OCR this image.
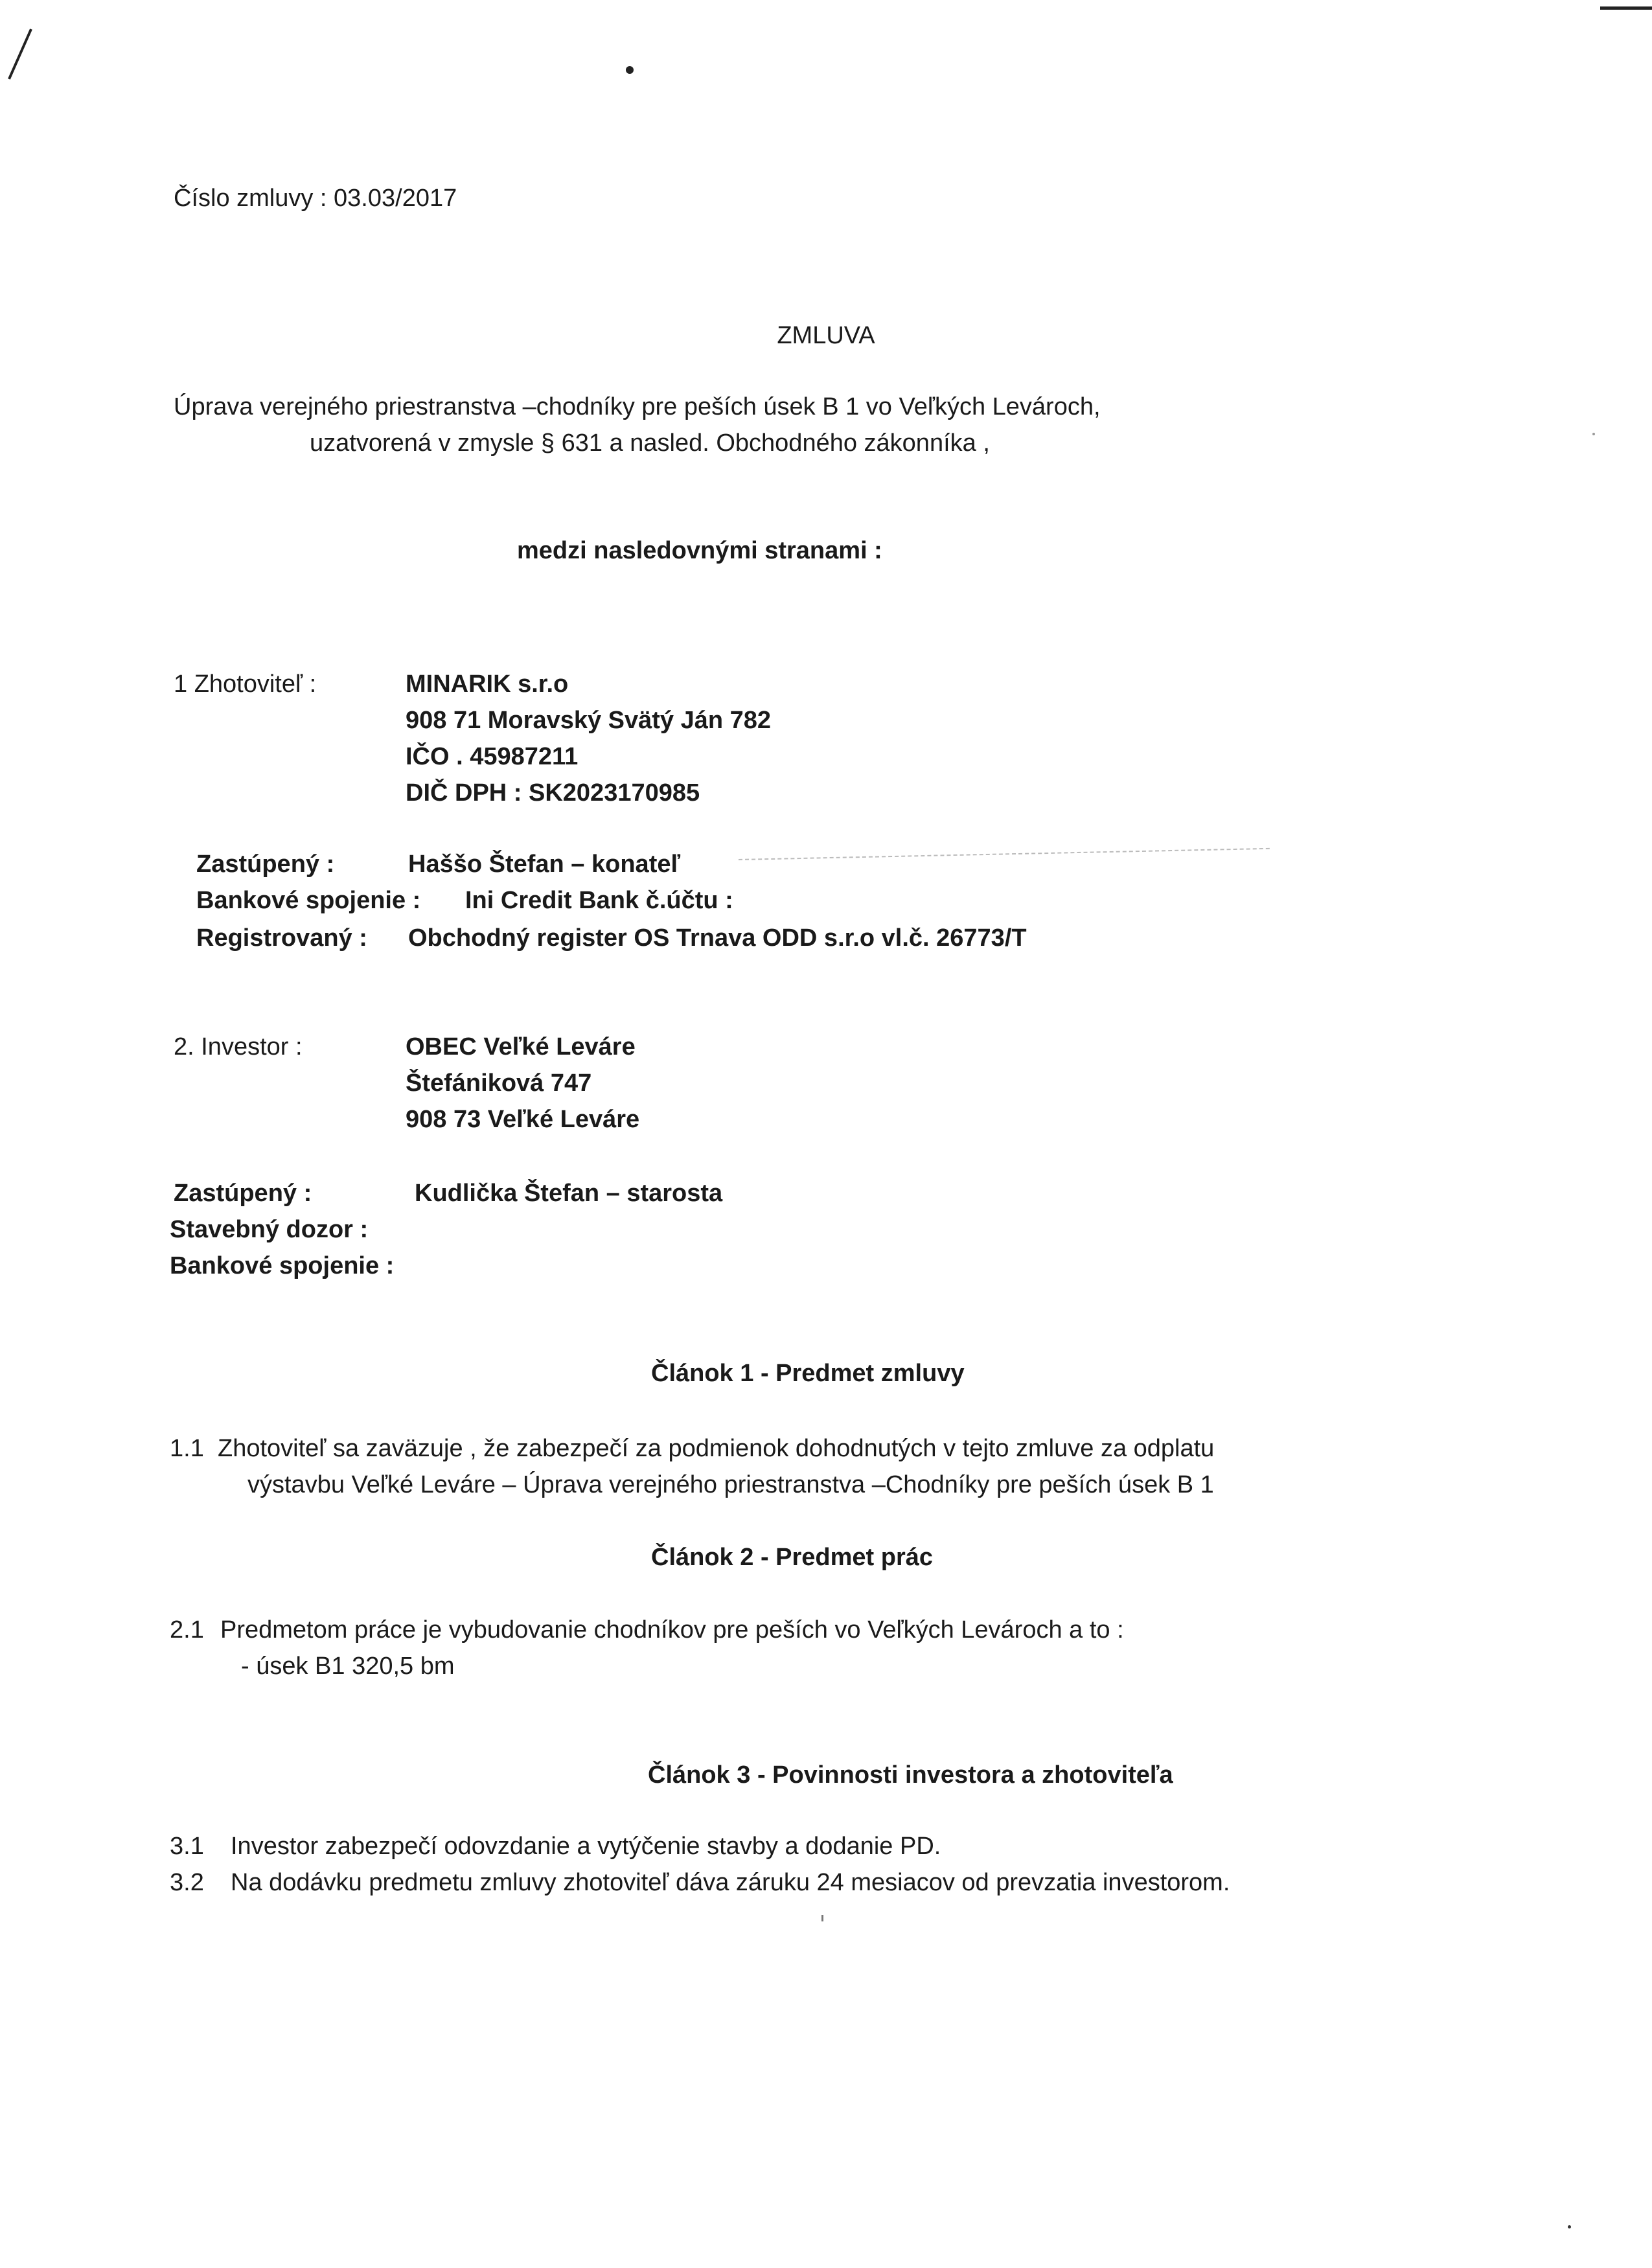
Číslo zmluvy : 03.03/2017
ZMLUVA
Úprava verejného priestranstva –chodníky pre peších úsek B 1 vo Veľkých Levároch,
uzatvorená v zmysle § 631 a nasled. Obchodného zákonníka ,
medzi nasledovnými stranami :
1 Zhotoviteľ :	MINARIK s.r.o
908 71 Moravský Svätý Ján 782
IČO . 45987211
DIČ DPH : SK2023170985
Zastúpený :	Haššo Štefan – konateľ
Bankové spojenie : Ini Credit Bank č.účtu :
Registrovaný : Obchodný register OS Trnava ODD s.r.o vl.č. 26773/T
2. Investor :	OBEC Veľké Leváre
Štefániková 747
908 73 Veľké Leváre
Zastúpený :	Kudlička Štefan – starosta
Stavebný dozor :
Bankové spojenie :
Článok 1 - Predmet zmluvy
1.1 Zhotoviteľ sa zaväzuje , že zabezpečí za podmienok dohodnutých v tejto zmluve za odplatu
výstavbu Veľké Leváre – Úprava verejného priestranstva –Chodníky pre peších úsek B 1
Článok 2 - Predmet prác
2.1 Predmetom práce je vybudovanie chodníkov pre peších vo Veľkých Levároch a to :
- úsek B1 320,5 bm
Článok 3 - Povinnosti investora a zhotoviteľa
3.1 Investor zabezpečí odovzdanie a vytýčenie stavby a dodanie PD.
3.2 Na dodávku predmetu zmluvy zhotoviteľ dáva záruku 24 mesiacov od prevzatia investorom.
